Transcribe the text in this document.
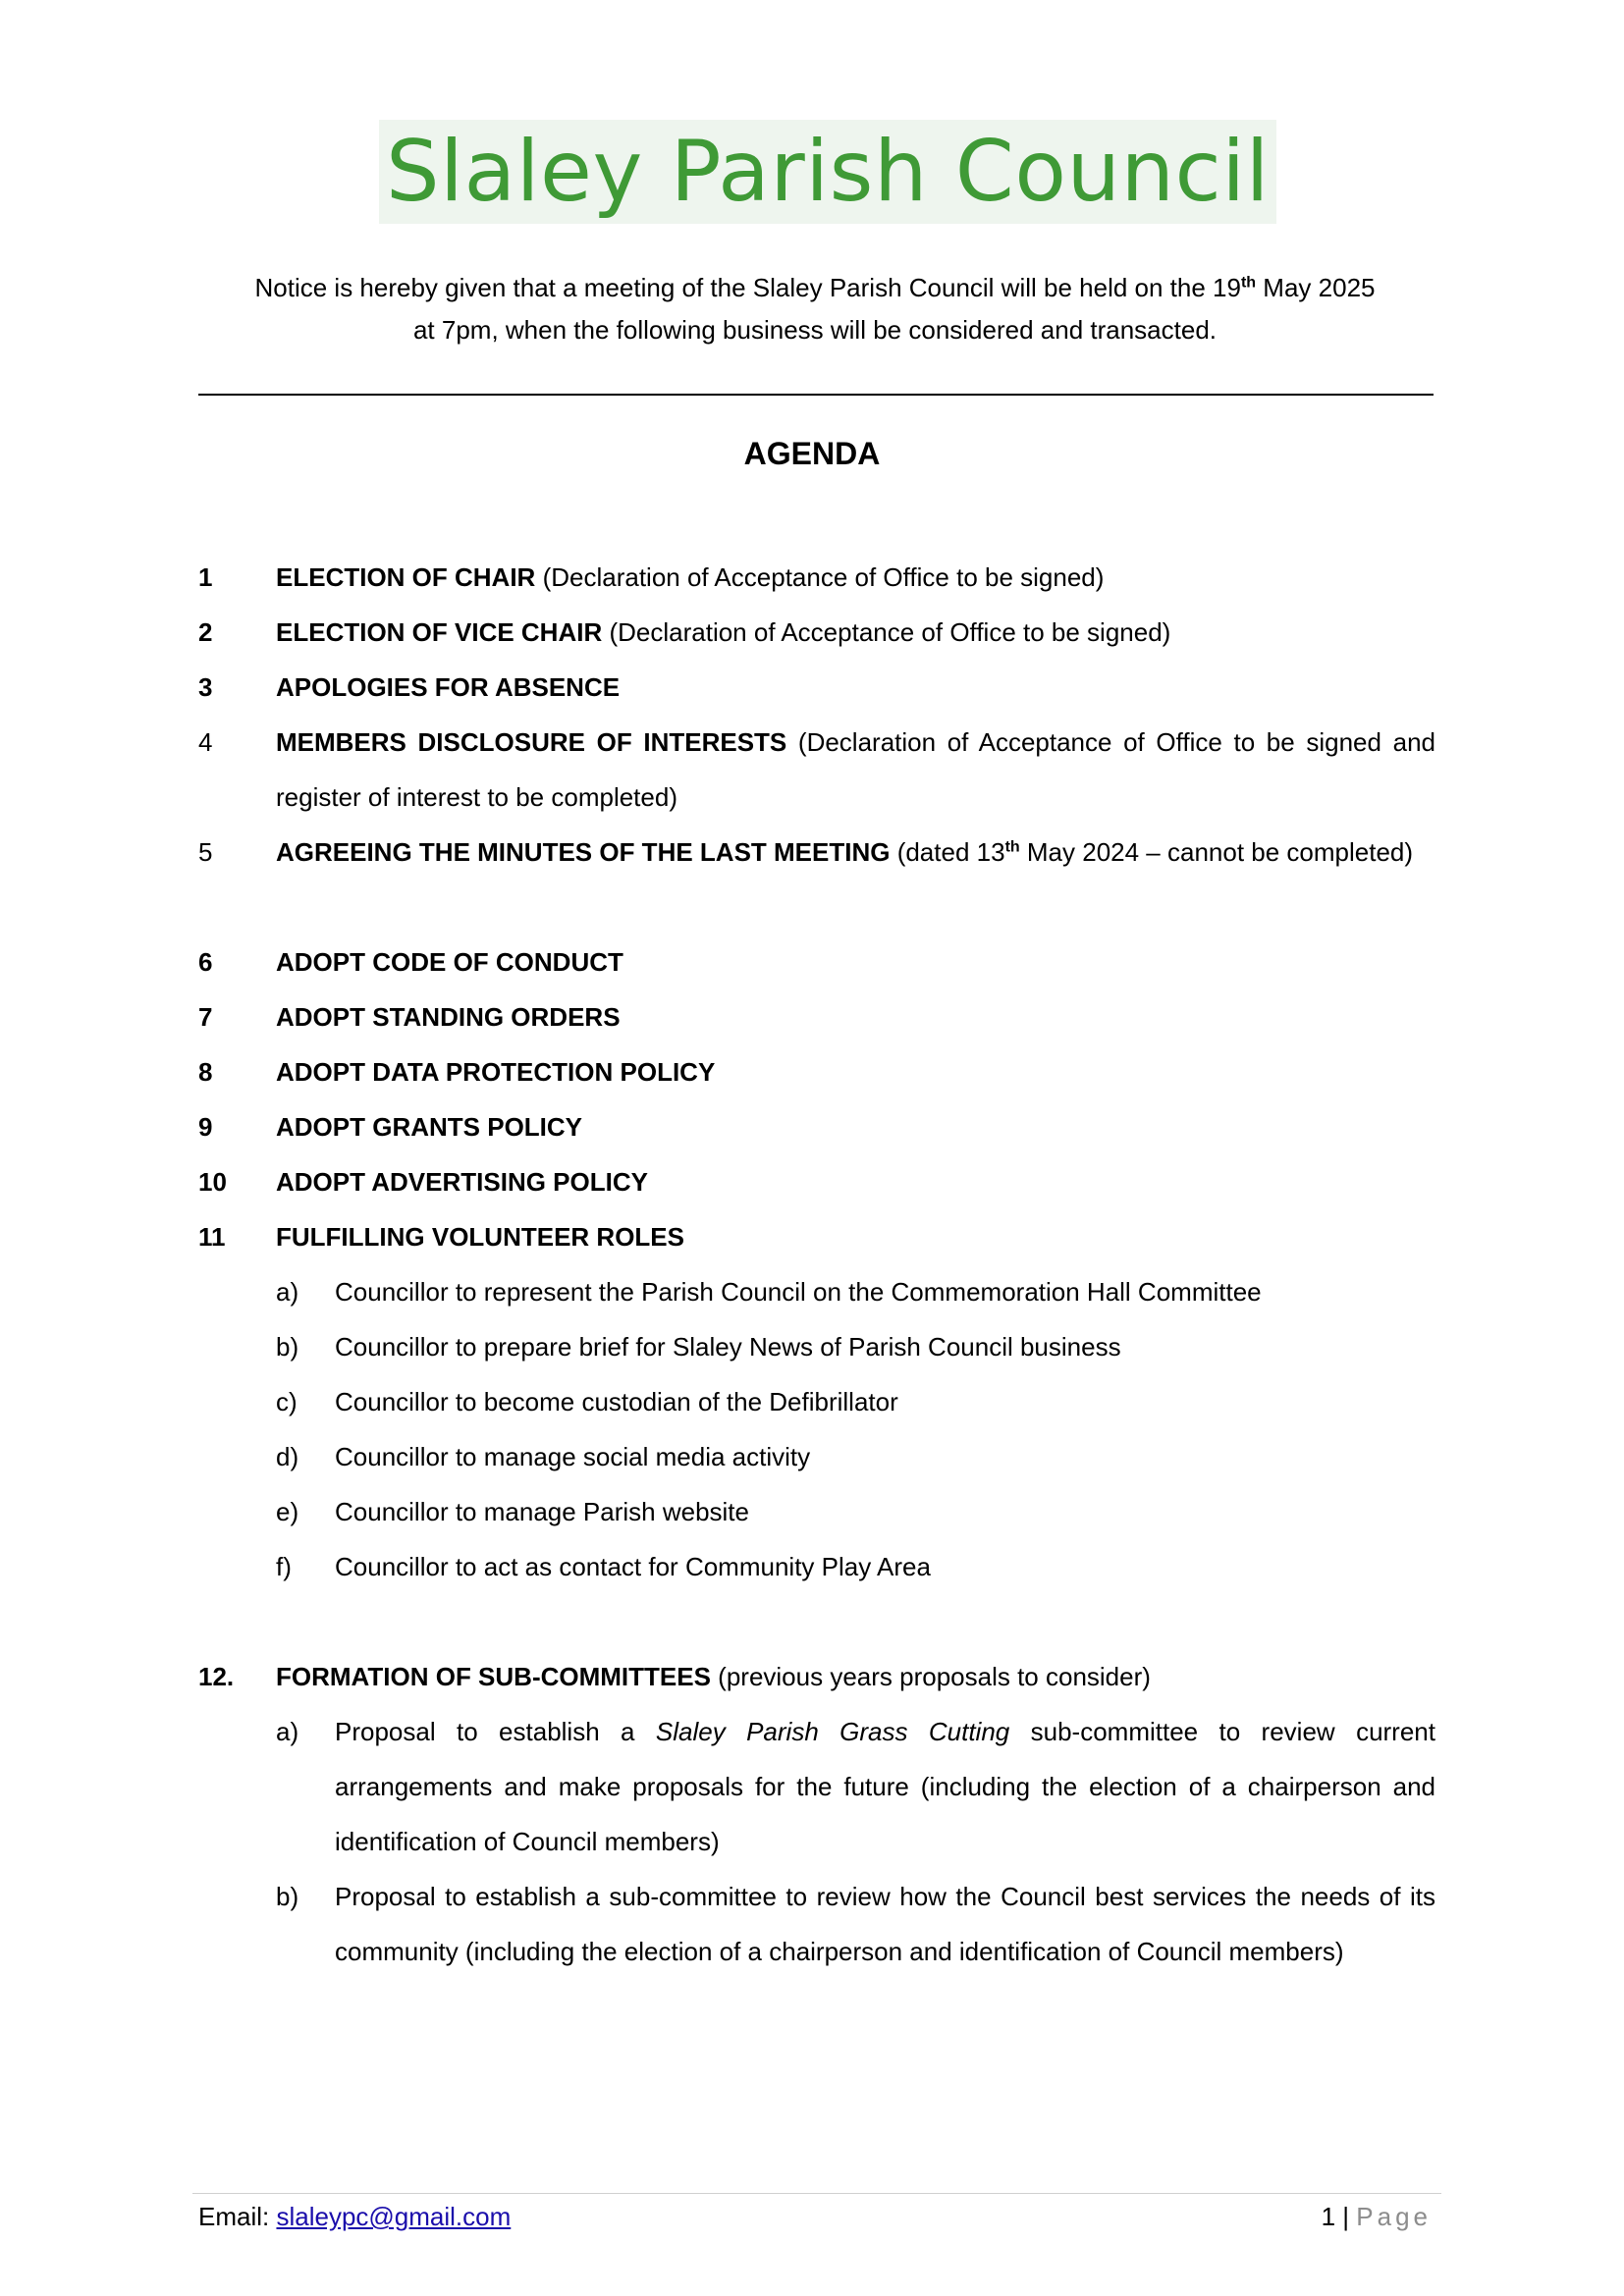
Slaley Parish Council
Notice is hereby given that a meeting of the Slaley Parish Council will be held on the 19th May 2025
at 7pm, when the following business will be considered and transacted.
AGENDA
1 ELECTION OF CHAIR (Declaration of Acceptance of Office to be signed)
2 ELECTION OF VICE CHAIR (Declaration of Acceptance of Office to be signed)
3 APOLOGIES FOR ABSENCE
4 MEMBERS DISCLOSURE OF INTERESTS (Declaration of Acceptance of Office to be signed and register of interest to be completed)
5 AGREEING THE MINUTES OF THE LAST MEETING (dated 13th May 2024 – cannot be completed)
6 ADOPT CODE OF CONDUCT
7 ADOPT STANDING ORDERS
8 ADOPT DATA PROTECTION POLICY
9 ADOPT GRANTS POLICY
10 ADOPT ADVERTISING POLICY
11 FULFILLING VOLUNTEER ROLES
a) Councillor to represent the Parish Council on the Commemoration Hall Committee
b) Councillor to prepare brief for Slaley News of Parish Council business
c) Councillor to become custodian of the Defibrillator
d) Councillor to manage social media activity
e) Councillor to manage Parish website
f) Councillor to act as contact for Community Play Area
12. FORMATION OF SUB-COMMITTEES (previous years proposals to consider)
a) Proposal to establish a Slaley Parish Grass Cutting sub-committee to review current arrangements and make proposals for the future (including the election of a chairperson and identification of Council members)
b) Proposal to establish a sub-committee to review how the Council best services the needs of its community (including the election of a chairperson and identification of Council members)
Email: slaleypc@gmail.com	1 | Page
